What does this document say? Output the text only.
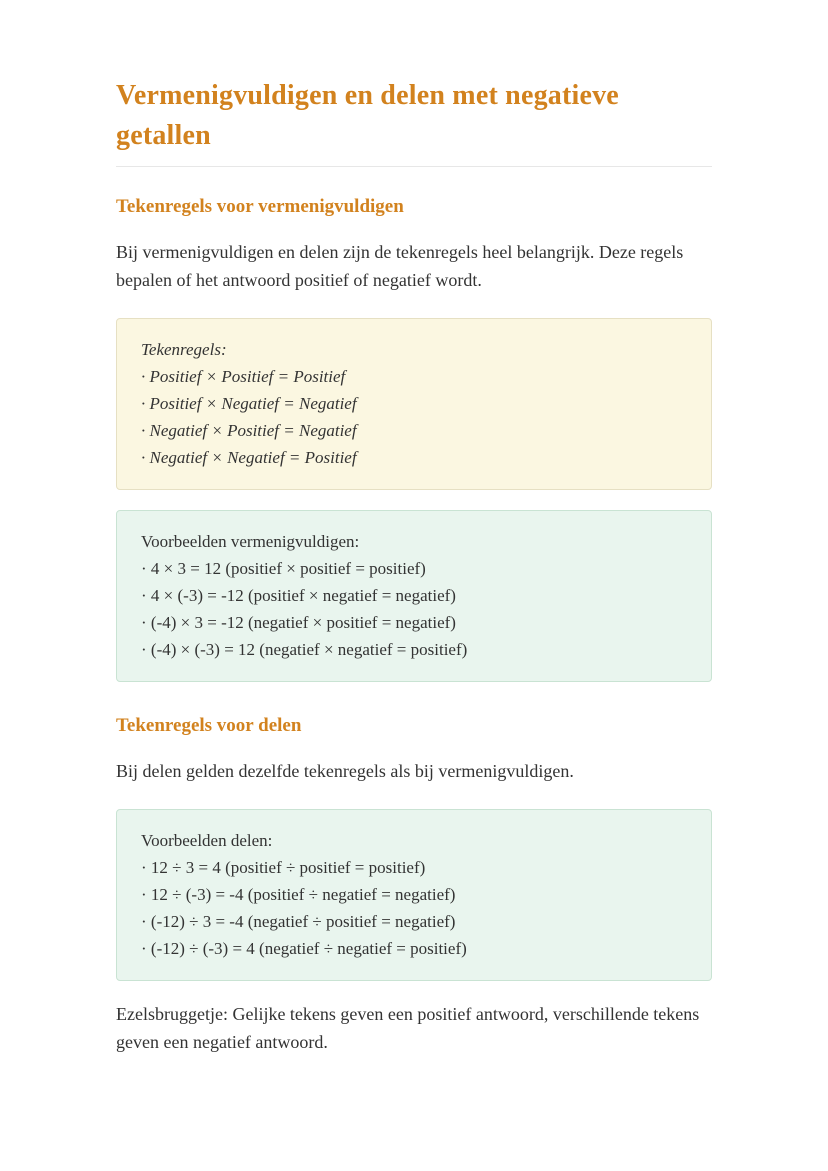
Vermenigvuldigen en delen met negatieve getallen
Tekenregels voor vermenigvuldigen

Bij vermenigvuldigen en delen zijn de tekenregels heel belangrijk. Deze regels bepalen of het antwoord positief of negatief wordt.

Tekenregels:
· Positief × Positief = Positief
· Positief × Negatief = Negatief
· Negatief × Positief = Negatief
· Negatief × Negatief = Positief
Voorbeelden vermenigvuldigen:
· 4 × 3 = 12 (positief × positief = positief)
· 4 × (-3) = -12 (positief × negatief = negatief)
· (-4) × 3 = -12 (negatief × positief = negatief)
· (-4) × (-3) = 12 (negatief × negatief = positief)
Tekenregels voor delen

Bij delen gelden dezelfde tekenregels als bij vermenigvuldigen.

Voorbeelden delen:
· 12 ÷ 3 = 4 (positief ÷ positief = positief)
· 12 ÷ (-3) = -4 (positief ÷ negatief = negatief)
· (-12) ÷ 3 = -4 (negatief ÷ positief = negatief)
· (-12) ÷ (-3) = 4 (negatief ÷ negatief = positief)

Ezelsbruggetje: Gelijke tekens geven een positief antwoord, verschillende tekens geven een negatief antwoord.
